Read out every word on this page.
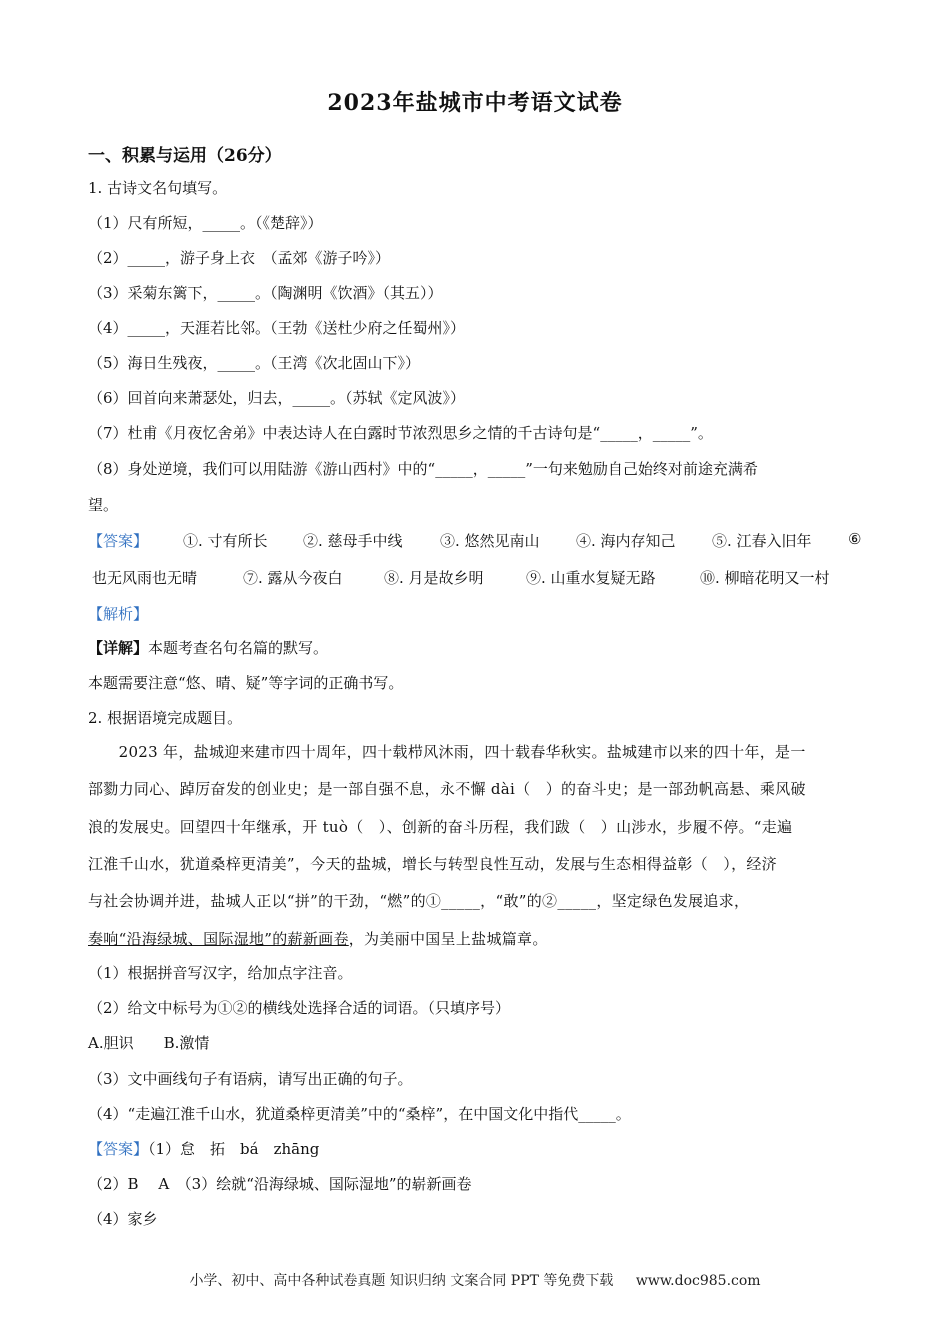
2023年盐城市中考语文试卷
一、积累与运用（26分）
1. 古诗文名句填写。
（1）尺有所短，_____。（《楚辞》）
（2）_____，游子身上衣　（孟郊《游子吟》）
（3）采菊东篱下，_____。（陶渊明《饮酒》（其五））
（4）_____，天涯若比邻。（王勃《送杜少府之任蜀州》）
（5）海日生残夜，_____。（王湾《次北固山下》）
（6）回首向来萧瑟处，归去，_____。（苏轼《定风波》）
（7）杜甫《月夜忆舍弟》中表达诗人在白露时节浓烈思乡之情的千古诗句是“_____，_____”。
（8）身处逆境，我们可以用陆游《游山西村》中的“_____，_____”一句来勉励自己始终对前途充满希
望。
【答案】 ①. 寸有所长 ②. 慈母手中线 ③. 悠然见南山 ④. 海内存知己 ⑤. 江春入旧年 ⑥
也无风雨也无晴	⑦. 露从今夜白	⑧. 月是故乡明	⑨. 山重水复疑无路	⑩. 柳暗花明又一村
【解析】
【详解】本题考查名句名篇的默写。
本题需要注意“悠、晴、疑”等字词的正确书写。
2. 根据语境完成题目。
　　2023 年，盐城迎来建市四十周年，四十载栉风沐雨，四十载春华秋实。盐城建市以来的四十年，是一
部勠力同心、踔厉奋发的创业史；是一部自强不息，永不懈 dài（　）的奋斗史；是一部劲帆高悬、乘风破
浪的发展史。回望四十年继承，开 tuò（　）、创新的奋斗历程，我们跋（　）山涉水，步履不停。“走遍
江淮千山水，犹道桑梓更清美”，今天的盐城，增长与转型良性互动，发展与生态相得益彰（　），经济
与社会协调并进，盐城人正以“拼”的干劲，“燃”的①_____，“敢”的②_____，坚定绿色发展追求，
奏响“沿海绿城、国际湿地”的薪新画卷，为美丽中国呈上盐城篇章。
（1）根据拼音写汉字，给加点字注音。
（2）给文中标号为①②的横线处选择合适的词语。（只填序号）
A.胆识　　B.激情
（3）文中画线句子有语病，请写出正确的句子。
（4）“走遍江淮千山水，犹道桑梓更清美”中的“桑梓”，在中国文化中指代_____。
【答案】（1）怠　拓　bá　zhāng
（2）B　 A　（3）绘就“沿海绿城、国际湿地”的崭新画卷
（4）家乡
小学、初中、高中各种试卷真题 知识归纳 文案合同 PPT 等免费下载 www.doc985.com
